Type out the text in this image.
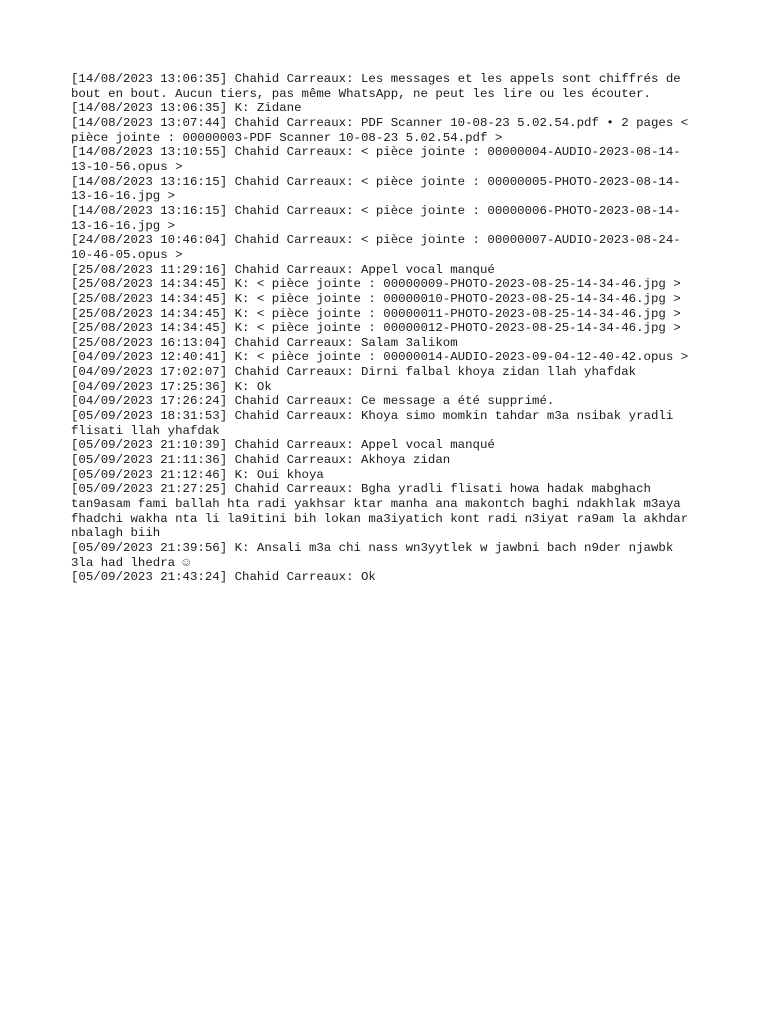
[14/08/2023 13:06:35] Chahid Carreaux: Les messages et les appels sont chiffrés de
bout en bout. Aucun tiers, pas même WhatsApp, ne peut les lire ou les écouter.

[14/08/2023 13:06:35] K: Zidane

[14/08/2023 13:07:44] Chahid Carreaux: PDF Scanner 10-08-23 5.02.54.pdf • 2 pages <
pièce jointe : 00000003-PDF Scanner 10-08-23 5.02.54.pdf >

[14/08/2023 13:10:55] Chahid Carreaux: < pièce jointe : 00000004-AUDIO-2023-08-14-
13-10-56.opus >

[14/08/2023 13:16:15] Chahid Carreaux: < pièce jointe : 00000005-PHOTO-2023-08-14-
13-16-16.jpg >

[14/08/2023 13:16:15] Chahid Carreaux: < pièce jointe : 00000006-PHOTO-2023-08-14-
13-16-16.jpg >

[24/08/2023 10:46:04] Chahid Carreaux: < pièce jointe : 00000007-AUDIO-2023-08-24-
10-46-05.opus >

[25/08/2023 11:29:16] Chahid Carreaux: Appel vocal manqué

[25/08/2023 14:34:45] K: < pièce jointe : 00000009-PHOTO-2023-08-25-14-34-46.jpg >

[25/08/2023 14:34:45] K: < pièce jointe : 00000010-PHOTO-2023-08-25-14-34-46.jpg >

[25/08/2023 14:34:45] K: < pièce jointe : 00000011-PHOTO-2023-08-25-14-34-46.jpg >

[25/08/2023 14:34:45] K: < pièce jointe : 00000012-PHOTO-2023-08-25-14-34-46.jpg >

[25/08/2023 16:13:04] Chahid Carreaux: Salam 3alikom

[04/09/2023 12:40:41] K: < pièce jointe : 00000014-AUDIO-2023-09-04-12-40-42.opus >

[04/09/2023 17:02:07] Chahid Carreaux: Dirni falbal khoya zidan llah yhafdak

[04/09/2023 17:25:36] K: Ok

[04/09/2023 17:26:24] Chahid Carreaux: Ce message a été supprimé.

[05/09/2023 18:31:53] Chahid Carreaux: Khoya simo momkin tahdar m3a nsibak yradli
flisati llah yhafdak

[05/09/2023 21:10:39] Chahid Carreaux: Appel vocal manqué

[05/09/2023 21:11:36] Chahid Carreaux: Akhoya zidan

[05/09/2023 21:12:46] K: Oui khoya

[05/09/2023 21:27:25] Chahid Carreaux: Bgha yradli flisati howa hadak mabghach
tan9asam fami ballah hta radi yakhsar ktar manha ana makontch baghi ndakhlak m3aya
fhadchi wakha nta li la9itini bih lokan ma3iyatich kont radi n3iyat ra9am la akhdar
nbalagh biih

[05/09/2023 21:39:56] K: Ansali m3a chi nass wn3yytlek w jawbni bach n9der njawbk
3la had lhedra ☺

[05/09/2023 21:43:24] Chahid Carreaux: Ok
